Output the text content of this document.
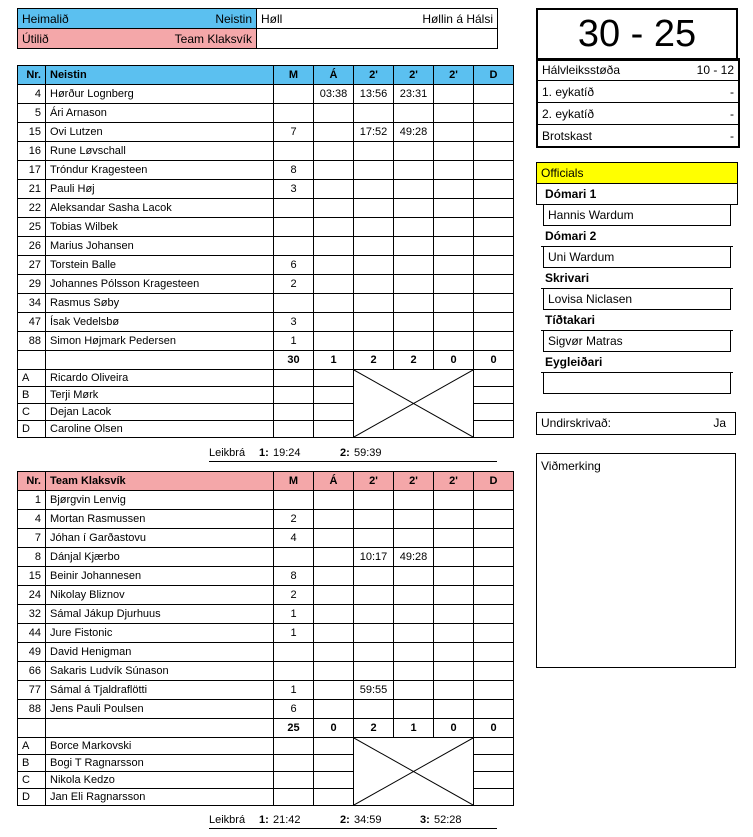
Heimalið Neistin	Høll Høllin á Hálsi

Útilið Team Klaksvík	

Nr.	Neistin	M	Á	2'	2'	2'	D
4	Hørður Lognberg		03:38	13:56	23:31		
5	Ári Arnason						
15	Ovi Lutzen	7		17:52	49:28		
16	Rune Løvschall						
17	Tróndur Kragesteen	8					
21	Pauli Høj	3					
22	Aleksandar Sasha Lacok						
25	Tobias Wilbek						
26	Marius Johansen						
27	Torstein Balle	6					
29	Johannes Pólsson Kragesteen	2					
34	Rasmus Søby						
47	Ísak Vedelsbø	3					
88	Simon Højmark Pedersen	1					
		30	1	2	2	0	0
A	Ricardo Oliveira			

B	Terji Mørk						
C	Dejan Lacok						
D	Caroline Olsen						
Leikbrá 1: 19:24	2: 59:39
Nr.	Team Klaksvík	M	Á	2'	2'	2'	D
1	Bjørgvin Lenvig						
4	Mortan Rasmussen	2					
7	Jóhan í Garðastovu	4					
8	Dánjal Kjærbo			10:17	49:28		
15	Beinir Johannesen	8					
24	Nikolay Bliznov	2					
32	Sámal Jákup Djurhuus	1					
44	Jure Fistonic	1					
49	David Henigman						
66	Sakaris Ludvík Súnason						
77	Sámal á Tjaldraflötti	1		59:55			
88	Jens Pauli Poulsen	6					
		25	0	2	1	0	0
A	Borce Markovski			

B	Bogi T Ragnarsson						
C	Nikola Kedzo						
D	Jan Eli Ragnarsson						
Leikbrá 1: 21:42	2: 34:59	3: 52:28
30 - 25
Hálvleiksstøða	10 - 12
1. eykatíð	-
2. eykatíð	-
Brotskast	-
Officials
Dómari 1
Hannis Wardum
Dómari 2
Uni Wardum
Skrivari
Lovisa Niclasen
Tíðtakari
Sigvør Matras
Eygleiðari
Undirskrivað:	Ja
Viðmerking
